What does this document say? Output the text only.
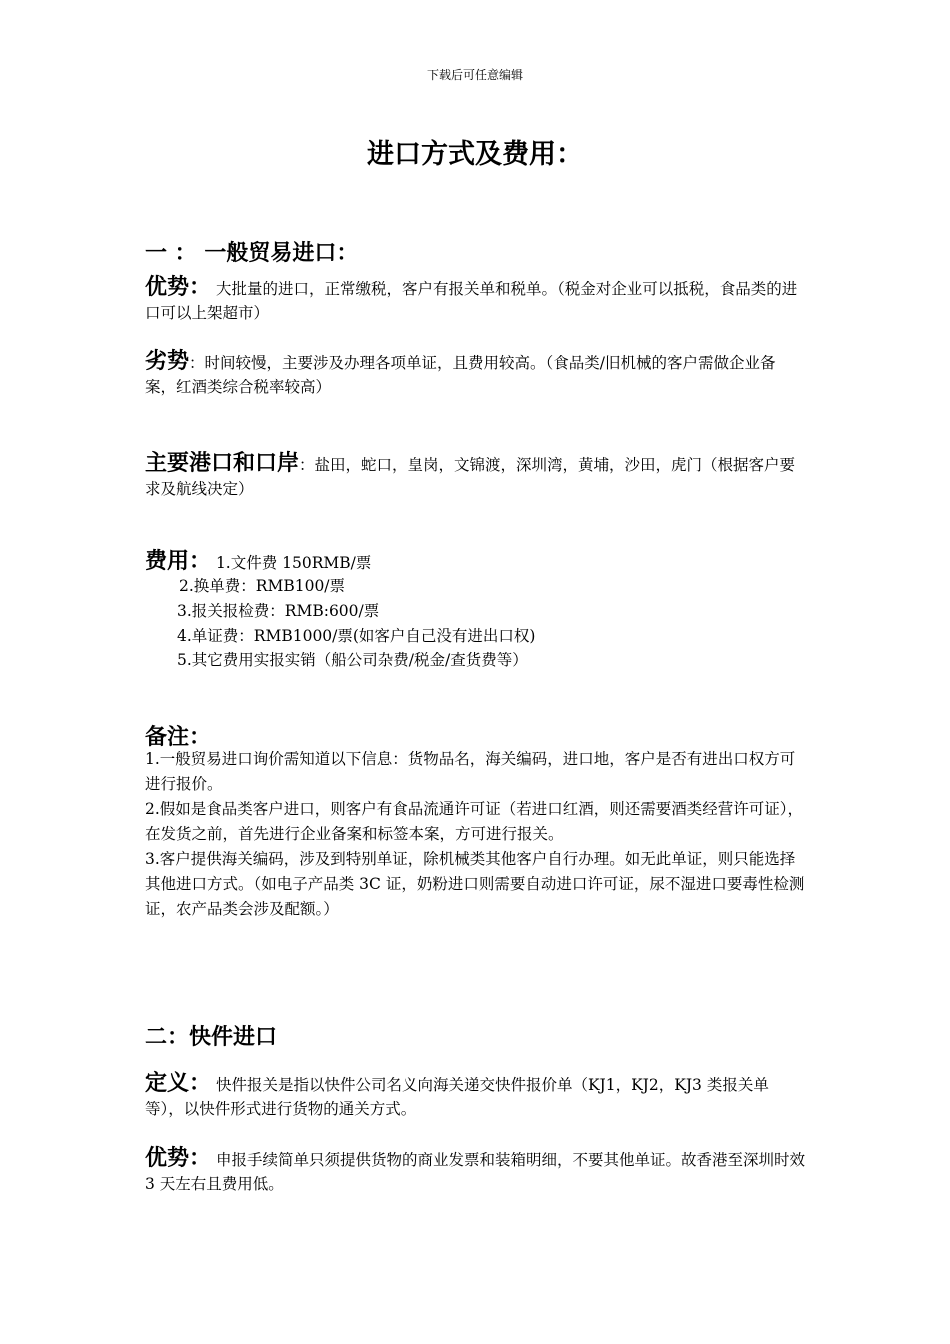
下载后可任意编辑
进口方式及费用：
一 ： 一般贸易进口：
优势： 大批量的进口，正常缴税，客户有报关单和税单。（税金对企业可以抵税，食品类的进口可以上架超市）
劣势：时间较慢，主要涉及办理各项单证，且费用较高。（食品类/旧机械的客户需做企业备案，红酒类综合税率较高）
主要港口和口岸：盐田，蛇口，皇岗，文锦渡，深圳湾，黄埔，沙田，虎门（根据客户要求及航线决定）
费用： 1.文件费 150RMB/票
2.换单费：RMB100/票
3.报关报检费：RMB:600/票
4.单证费：RMB1000/票(如客户自己没有进出口权)
5.其它费用实报实销（船公司杂费/税金/查货费等）
备注：
1.一般贸易进口询价需知道以下信息：货物品名，海关编码，进口地，客户是否有进出口权方可进行报价。
2.假如是食品类客户进口，则客户有食品流通许可证（若进口红酒，则还需要酒类经营许可证），在发货之前，首先进行企业备案和标签本案，方可进行报关。
3.客户提供海关编码，涉及到特别单证，除机械类其他客户自行办理。如无此单证，则只能选择其他进口方式。（如电子产品类 3C 证，奶粉进口则需要自动进口许可证，尿不湿进口要毒性检测证，农产品类会涉及配额。）
二：快件进口
定义： 快件报关是指以快件公司名义向海关递交快件报价单（KJ1，KJ2，KJ3 类报关单等），以快件形式进行货物的通关方式。
优势： 申报手续简单只须提供货物的商业发票和装箱明细，不要其他单证。故香港至深圳时效 3 天左右且费用低。
